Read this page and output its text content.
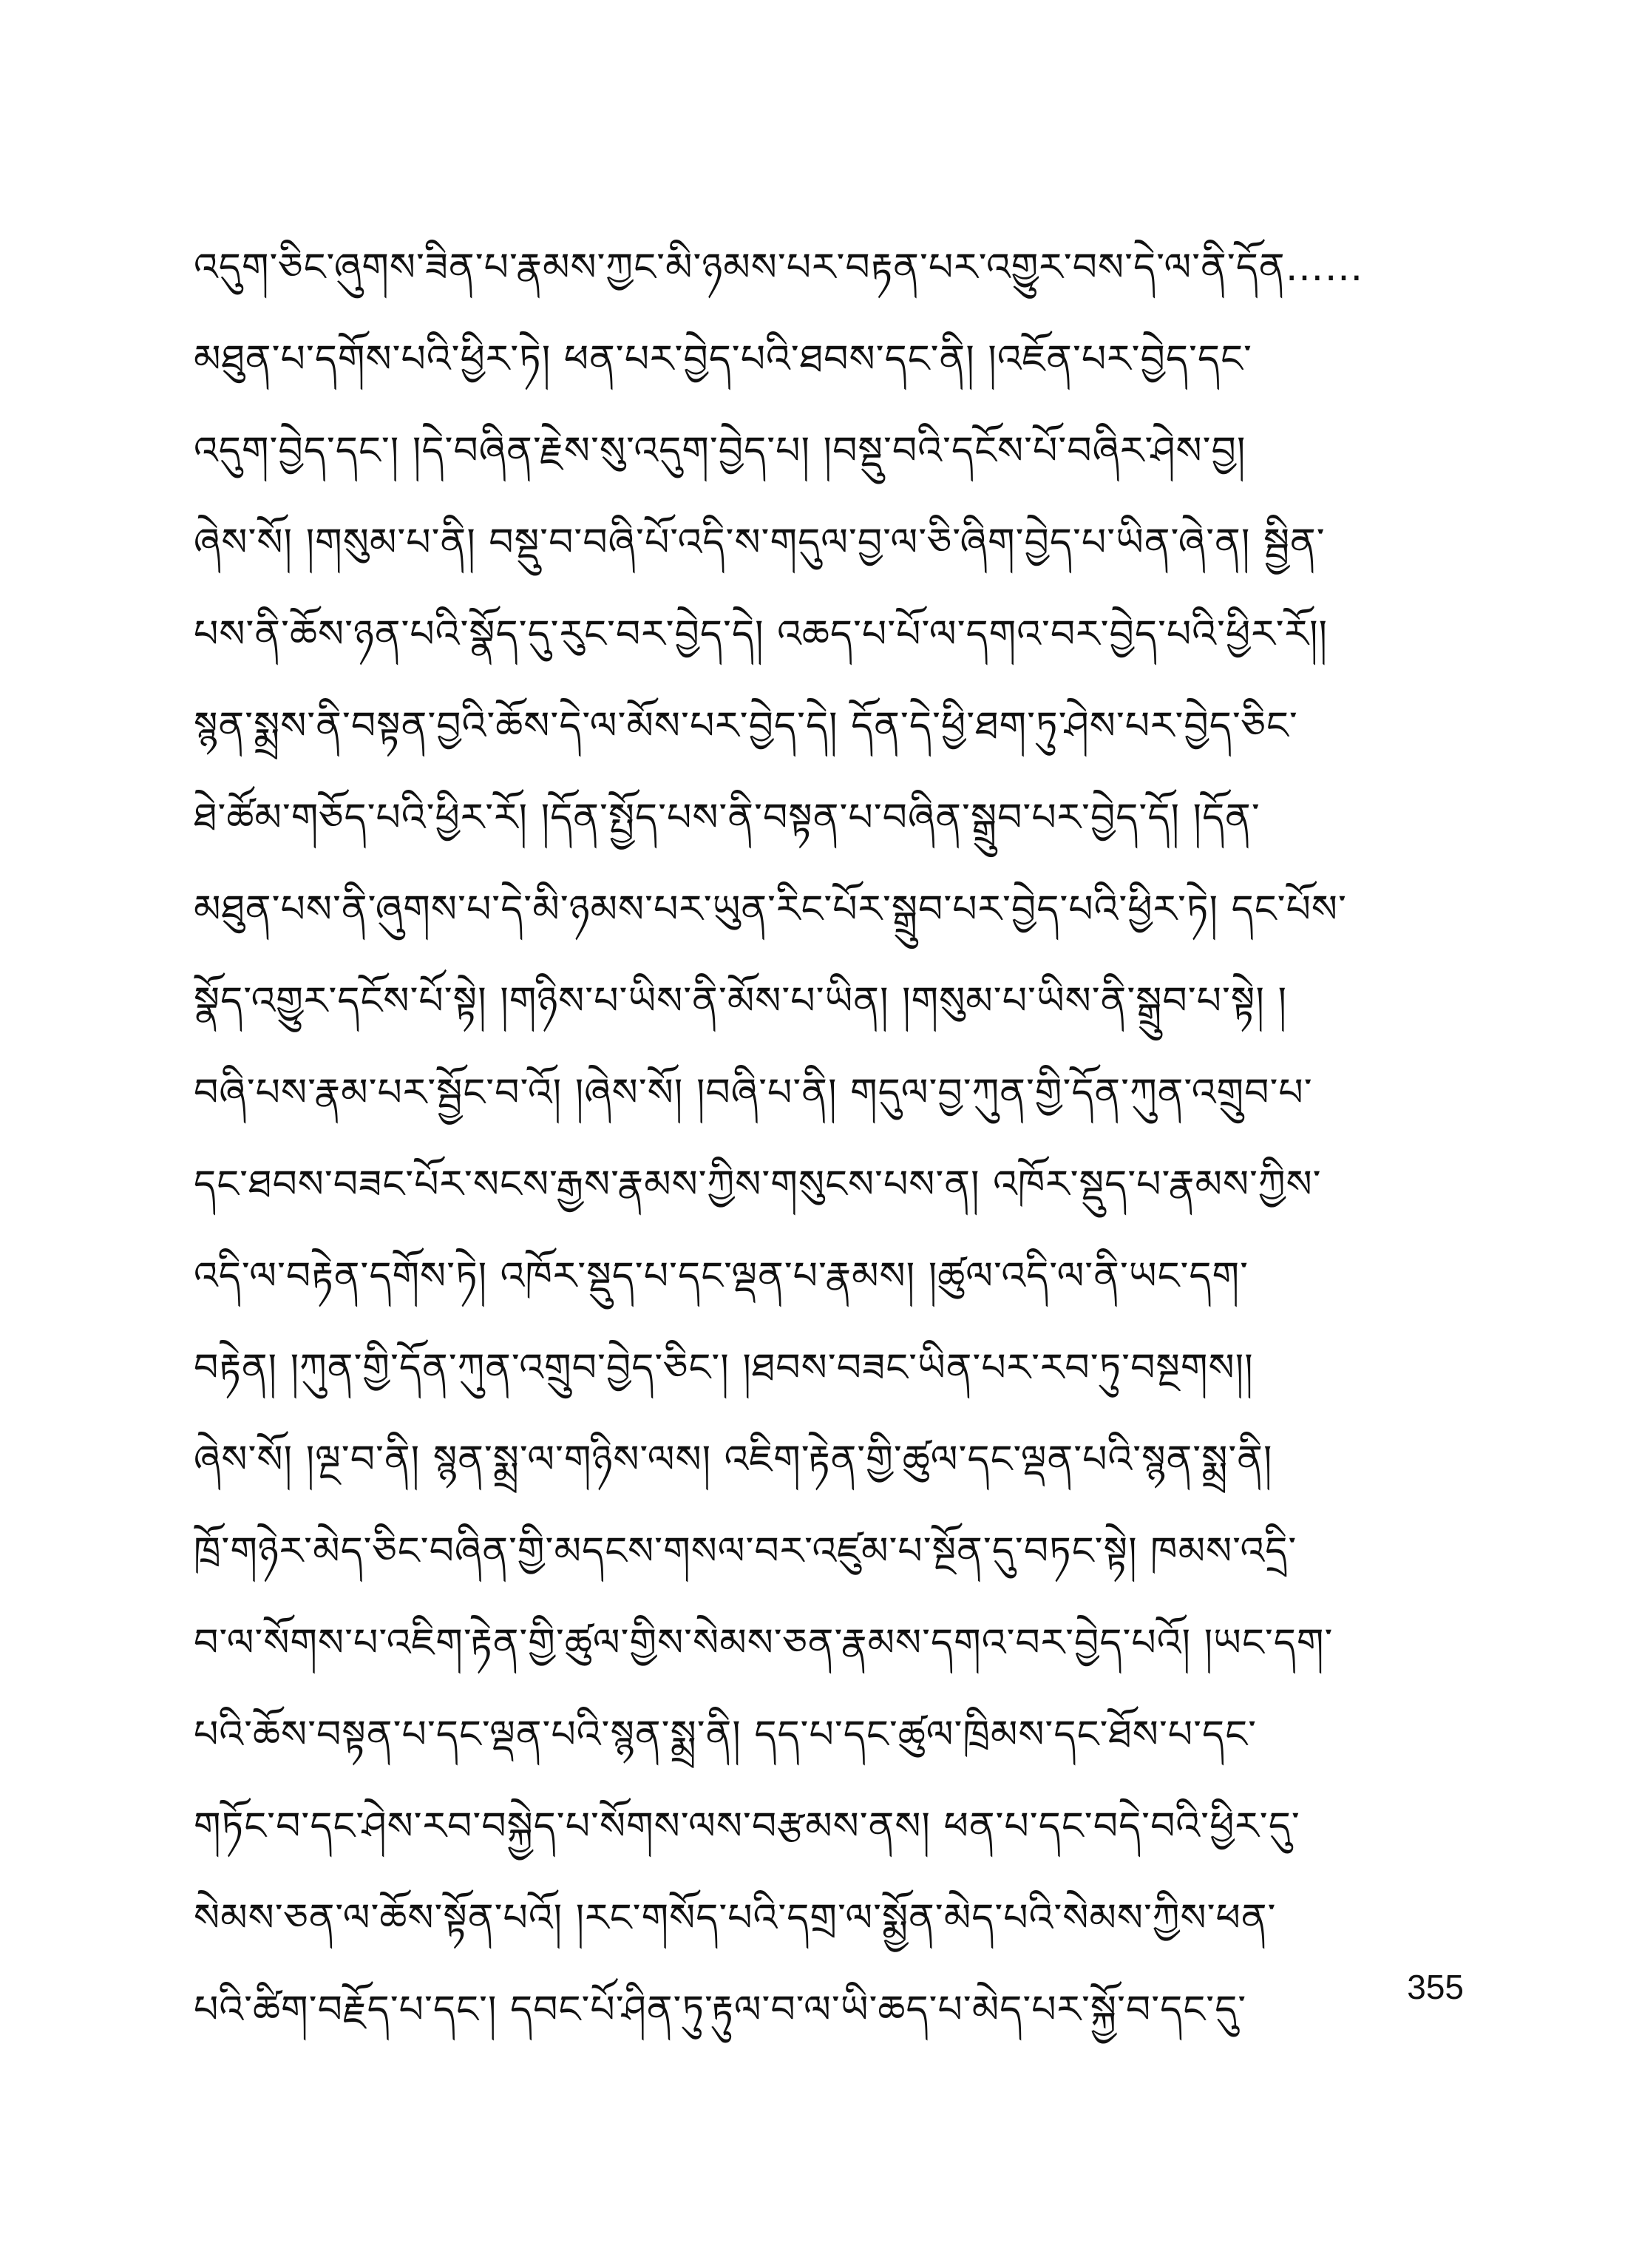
འདུག་ཅིང་ཞུགས་ཟིན་པ་རྣམས་ཀྱང་མི་ཉམས་པར་བརྟན་པར་འགྱུར་བས་དེ་ལ་ནི་དོན……
མཐུན་པ་དགོས་པའི་ཕྱིར་ཏེ། ཕན་པར་བྱེད་པའི་ཐབས་དང་ནི། །འཇོན་པར་བྱེད་དང་
འདུག་བྱེད་དང་། །དེ་བཞིན་རྗེས་སུ་འདུག་བྱེད་པ། །བསྡུ་བའི་དངོས་པོ་བཞིར་ཤེས་བྱ།
ཞེས་སོ། །གསུམ་པ་ནི། བསྡུ་བ་བཞི་པོ་འདི་ས་གདུལ་བྱ་ལ་ཅི་ཞིག་བྱེད་པ་ཡིན་ཞེ་ན། སྦྱིན་
པས་ནི་ཆོས་ཉན་པའི་སྣོད་དུ་རུང་བར་བྱེད་དེ། འཆད་པ་པོ་ལ་དགའ་བར་བྱེད་པའི་ཕྱིར་རོ།།
སྙན་སྨྲས་ནི་བསྟན་བྱའི་ཆོས་དེ་ལ་མོས་པར་བྱེད་དེ། དོན་དེ་ཕྱི་ཐག་ཏུ་ཤེས་པར་བྱེད་ཅིང་
ཐེ་ཚོམ་གཅོད་པའི་ཕྱིར་རོ། །དོན་སྤྱོད་པས་ནི་བསྟན་པ་བཞིན་སྒྲུབ་པར་བྱེད་དོ། །དོན་
མཐུན་པས་ནི་ཞུགས་པ་དེ་མི་ཉམས་པར་ཡུན་རིང་པོར་སྒྲུབ་པར་བྱེད་པའི་ཕྱིར་ཏེ། དང་པོས་
སྣོད་འགྱུར་དངོས་པོ་སྟེ། །གཉིས་པ་ཡིས་ནི་མོས་པ་ཡིན། །གསུམ་པ་ཡིས་ནི་སྒྲུབ་པ་སྟེ། །
བཞི་པས་རྣམ་པར་སྦྱོང་བ་འོ། །ཞེས་སོ། །བཞི་པ་ནི། གདུལ་བྱ་ཀུན་གྱི་དོན་ཀུན་འགྲུབ་པ་
དང་ཐབས་བཟང་པོར་སངས་རྒྱས་རྣམས་ཀྱིས་གསུངས་པས་ན། འཁོར་སྡུད་པ་རྣམས་ཀྱིས་
འདི་ལ་བརྟེན་དགོས་ཏེ། འཁོར་སྡུད་པ་དང་ལྡན་པ་རྣམས། །ཚུལ་འདི་ལ་ནི་ཡང་དག་
བརྟེན། །ཀུན་གྱི་དོན་ཀུན་འགྲུབ་བྱེད་ཅིང་། །ཐབས་བཟང་ཡིན་པར་རབ་ཏུ་བསྔགས།།
ཞེས་སོ། །ལྔ་བ་ནི། སྙན་སྨྲ་ལ་གཉིས་ལས། འཇིག་རྟེན་གྱི་ཚུལ་དང་ལྡན་པའི་སྙན་སྨྲ་ནི།
ཁྲོ་གཉེར་མེད་ཅིང་བཞིན་གྱི་མདངས་གསལ་བར་འཛུམ་པ་སྔོན་དུ་བཏང་སྟེ། ཁམས་འདྲི་
བ་ལ་སོགས་པ་འཇིག་རྟེན་གྱི་ཚུལ་གྱིས་སེམས་ཅན་རྣམས་དགའ་བར་བྱེད་པའོ། །ཡང་དག་
པའི་ཆོས་བསྟན་པ་དང་ལྡན་པའི་སྙན་སྨྲ་ནི། དད་པ་དང་ཚུལ་ཁྲིམས་དང་ཐོས་པ་དང་
གཏོང་བ་དང་ཤེས་རབ་བསྐྱེད་པ་སོགས་ལས་བརྩམས་ནས། ཕན་པ་དང་བདེ་བའི་ཕྱིར་དུ་
སེམས་ཅན་ལ་ཆོས་སྟོན་པའོ། །རང་གསོད་པའི་དགྲ་ལ་སྨྱོན་མེད་པའི་སེམས་ཀྱིས་ཕན་
པའི་ཚིག་བརྗོད་པ་དང་། དབང་པོ་ཤིན་ཏུ་རྟུལ་བ་ལ་ཡི་ཆད་པ་མེད་པར་སྐྱོ་བ་དང་དུ་
355
